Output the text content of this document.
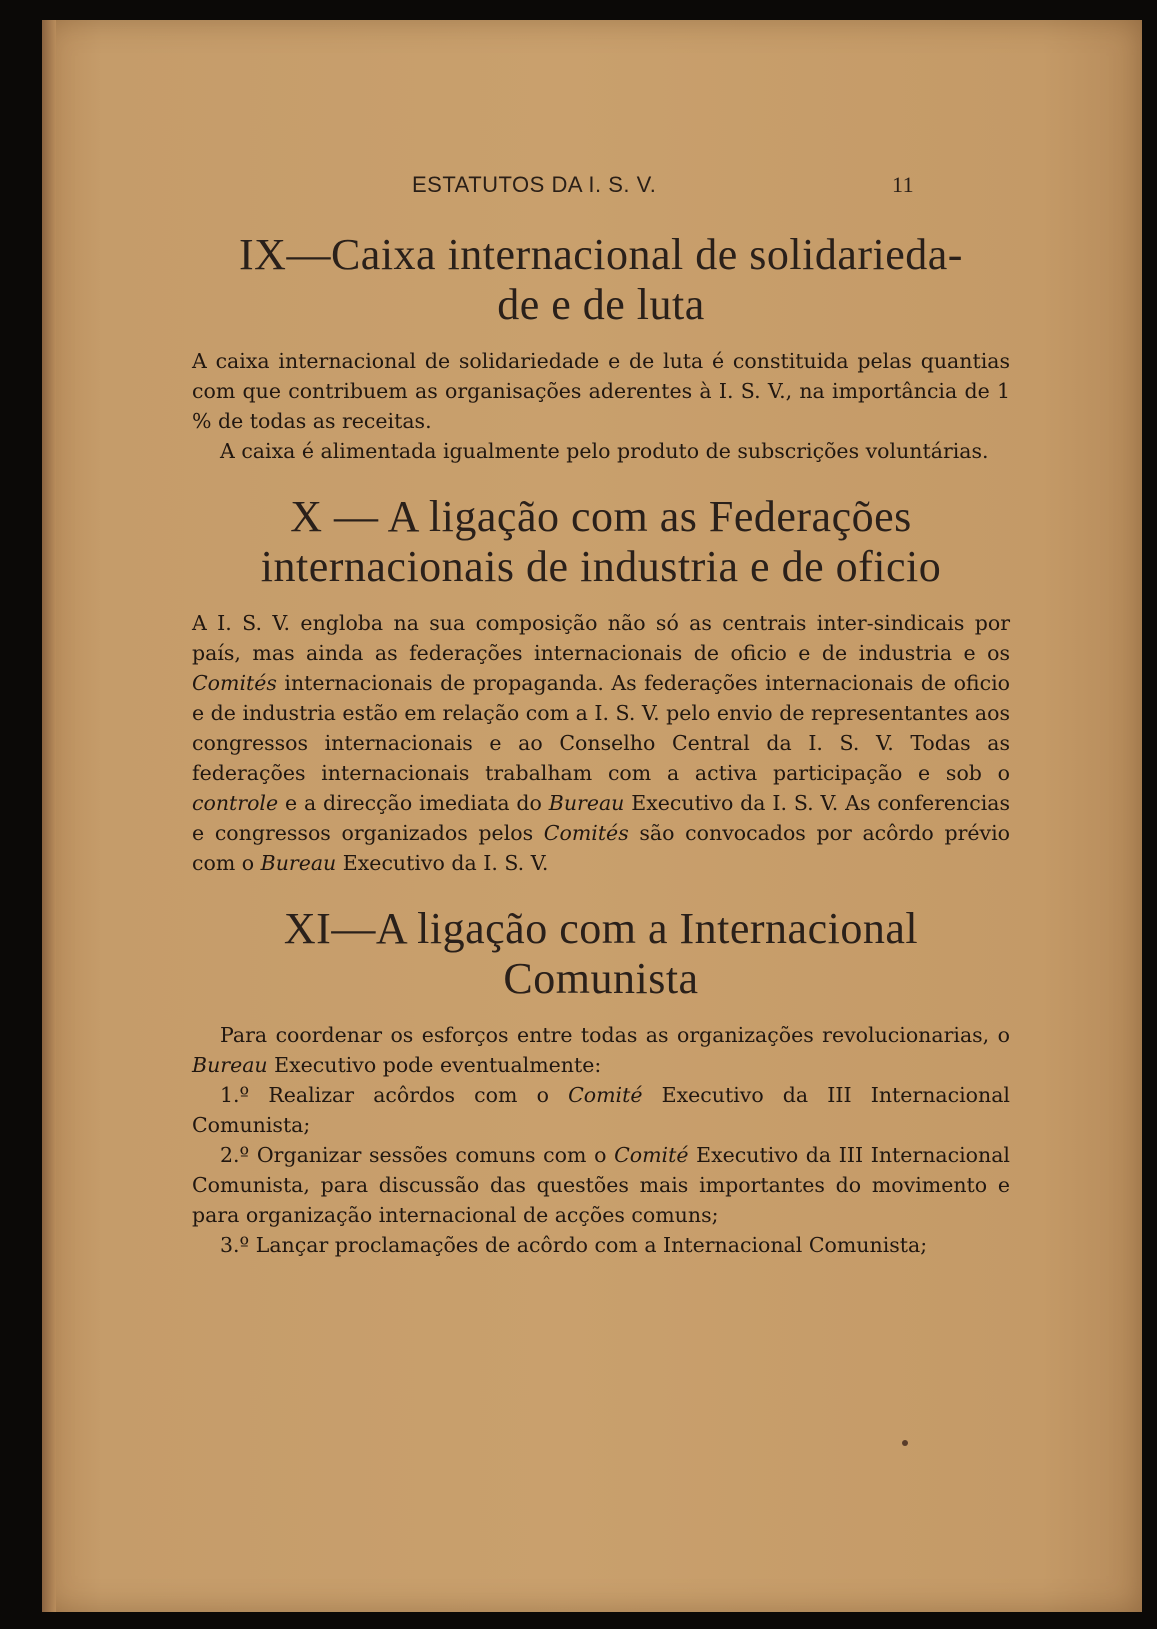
ESTATUTOS DA I. S. V.	11
IX—Caixa internacional de solidarieda-
de e de luta

A caixa internacional de solidariedade e de luta é constituida pelas quantias com que contribuem as organisações aderentes à I. S. V., na importância de 1 % de todas as receitas.

A caixa é alimentada igualmente pelo produto de subscrições voluntárias.

X — A ligação com as Federações
internacionais de industria e de oficio

A I. S. V. engloba na sua composição não só as centrais inter-sindicais por país, mas ainda as federações internacionais de oficio e de industria e os Comités internacionais de propaganda. As federações internacionais de oficio e de industria estão em relação com a I. S. V. pelo envio de representantes aos congressos internacionais e ao Conselho Central da I. S. V. Todas as federações internacionais trabalham com a activa participação e sob o controle e a direcção imediata do Bureau Executivo da I. S. V. As conferencias e congressos organizados pelos Comités são convocados por acôrdo prévio com o Bureau Executivo da I. S. V.

XI—A ligação com a Internacional
Comunista

Para coordenar os esforços entre todas as organizações revolucionarias, o Bureau Executivo pode eventualmente:

1.º Realizar acôrdos com o Comité Executivo da III Internacional Comunista;

2.º Organizar sessões comuns com o Comité Executivo da III Internacional Comunista, para discussão das questões mais importantes do movimento e para organização internacional de acções comuns;

3.º Lançar proclamações de acôrdo com a Internacional Comunista;
